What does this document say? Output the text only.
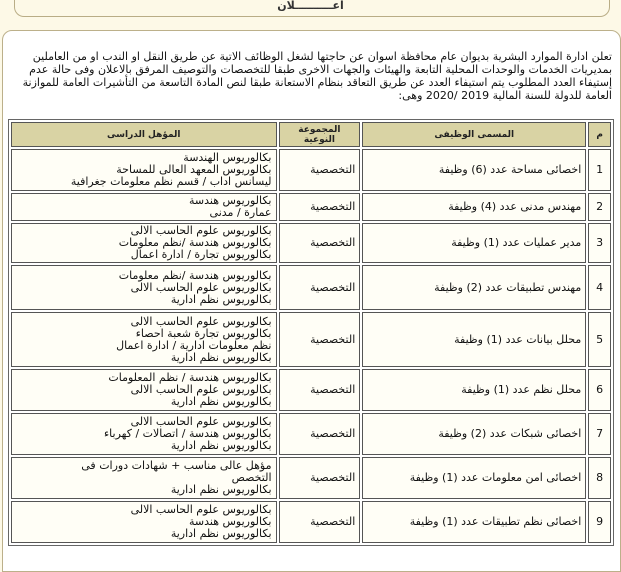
اعــــــــــلان
تعلن ادارة الموارد البشرية بديوان عام محافظة اسوان عن حاجتها لشغل الوظائف الاتية عن طريق النقل او الندب او من العاملين بمديريات الخدمات والوحدات المحلية التابعة والهيئات والجهات الاخرى طبقا للتخصصات والتوصيف المرفق بالاعلان وفى حالة عدم إستيفاء العدد المطلوب يتم استيفاء العدد عن طريق التعاقد بنظام الاستعانة طبقا لنص المادة التاسعة من التأشيرات العامة للموازنة العامة للدولة للسنة المالية 2019 /2020 وهى:
م	المسمى الوظيفى	المجموعة النوعية	المؤهل الدراسى
1	اخصائى مساحة عدد (6) وظيفة	التخصصية	بكالوريوس الهندسة
بكالوريوس المعهد العالى للمساحة
ليسانس اداب / قسم نظم معلومات جغرافية

2	مهندس مدنى عدد (4) وظيفة	التخصصية	بكالوريوس هندسة
عمارة / مدنى

3	مدير عمليات عدد (1) وظيفة	التخصصية	بكالوريوس علوم الحاسب الالى
بكالوريوس هندسة /نظم معلومات
بكالوريوس تجارة / ادارة اعمال

4	مهندس تطبيقات عدد (2) وظيفة	التخصصية	بكالوريوس هندسة /نظم معلومات
بكالوريوس علوم الحاسب الالى
بكالوريوس نظم ادارية

5	محلل بيانات عدد (1) وظيفة	التخصصية	بكالوريوس علوم الحاسب الالى
بكالوريوس تجارة شعبة احصاء
نظم معلومات ادارية / ادارة اعمال
بكالوريوس نظم ادارية

6	محلل نظم عدد (1) وظيفة	التخصصية	بكالوريوس هندسة / نظم المعلومات
بكالوريوس علوم الحاسب الالى
بكالوريوس نظم ادارية

7	اخصائى شبكات عدد (2) وظيفة	التخصصية	بكالوريوس علوم الحاسب الالى
بكالوريوس هندسة / اتصالات / كهرباء
بكالوريوس نظم ادارية

8	اخصائى امن معلومات عدد (1) وظيفة	التخصصية	مؤهل عالى مناسب + شهادات دورات فى
التخصص
بكالوريوس نظم ادارية

9	اخصائى نظم تطبيقات عدد (1) وظيفة	التخصصية	بكالوريوس علوم الحاسب الالى
بكالوريوس هندسة
بكالوريوس نظم ادارية
